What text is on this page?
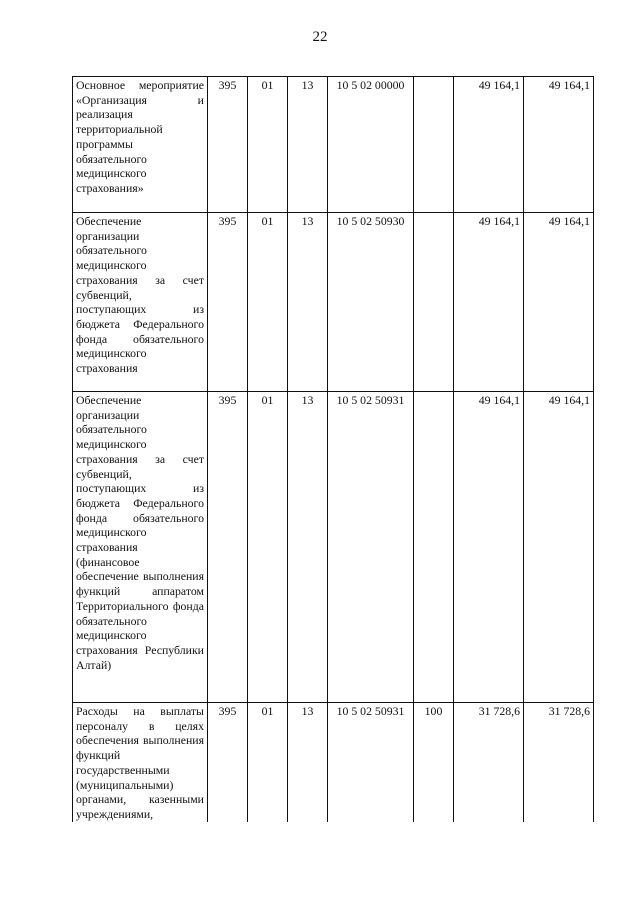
22
Основное мероприятие «Организация и реализация территориальной программы обязательного медицинского страхования»	395	01	13	10 5 02 00000		49 164,1	49 164,1
Обеспечение организации обязательного медицинского страхования за счет субвенций, поступающих из бюджета Федерального фонда обязательного медицинского страхования	395	01	13	10 5 02 50930		49 164,1	49 164,1
Обеспечение организации обязательного медицинского страхования за счет субвенций, поступающих из бюджета Федерального фонда обязательного медицинского страхования (финансовое обеспечение выполнения функций аппаратом Территориального фонда обязательного медицинского страхования Республики Алтай)	395	01	13	10 5 02 50931		49 164,1	49 164,1
Расходы на выплаты персоналу в целях обеспечения выполнения функций государственными (муниципальными) органами, казенными учреждениями,	395	01	13	10 5 02 50931	100	31 728,6	31 728,6
